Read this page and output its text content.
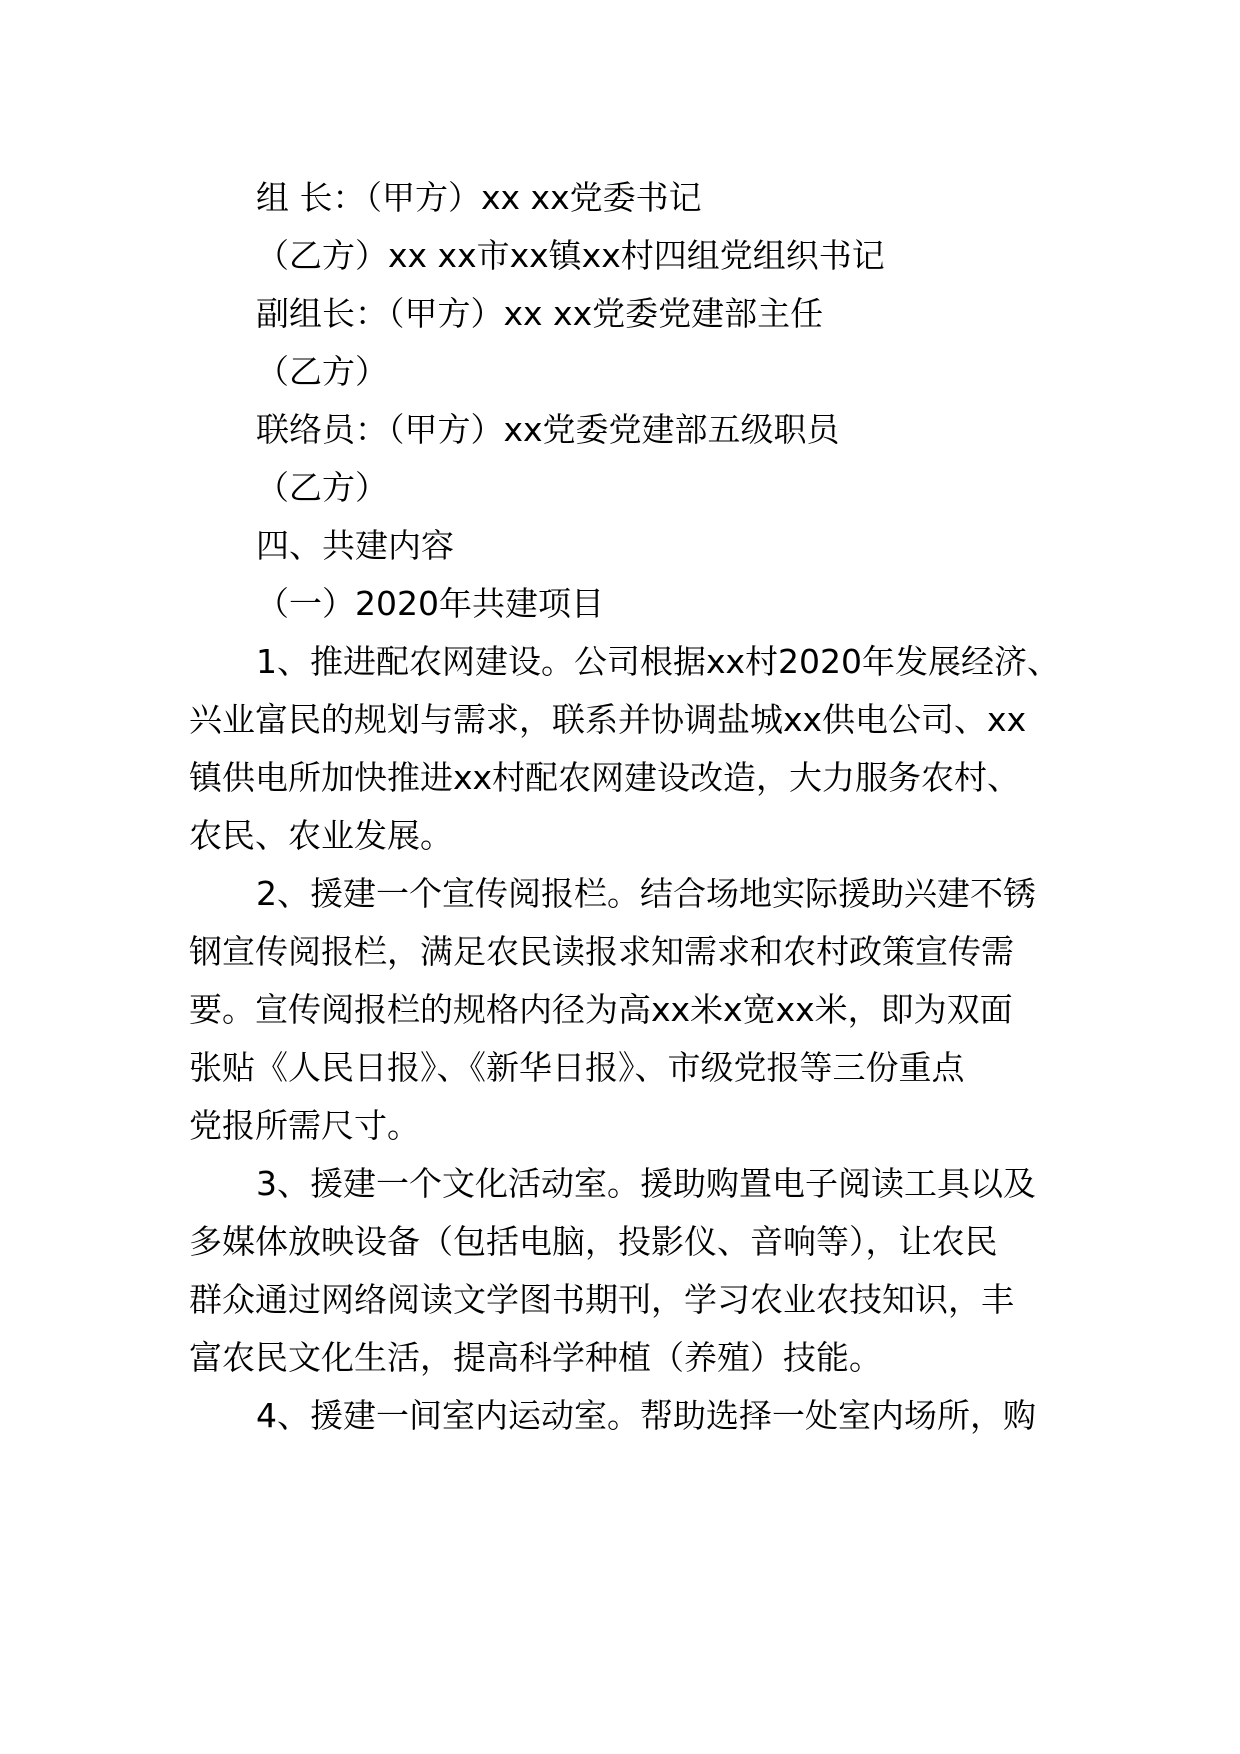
组 长：（甲方）xx xx党委书记
（乙方）xx xx市xx镇xx村四组党组织书记
副组长：（甲方）xx xx党委党建部主任
（乙方）
联络员：（甲方）xx党委党建部五级职员
（乙方）
四、共建内容
（一）2020年共建项目
1、推进配农网建设。公司根据xx村2020年发展经济、
兴业富民的规划与需求，联系并协调盐城xx供电公司、xx
镇供电所加快推进xx村配农网建设改造，大力服务农村、
农民、农业发展。
2、援建一个宣传阅报栏。结合场地实际援助兴建不锈
钢宣传阅报栏，满足农民读报求知需求和农村政策宣传需
要。宣传阅报栏的规格内径为高xx米x宽xx米，即为双面
张贴《人民日报》、《新华日报》、市级党报等三份重点
党报所需尺寸。
3、援建一个文化活动室。援助购置电子阅读工具以及
多媒体放映设备（包括电脑，投影仪、音响等），让农民
群众通过网络阅读文学图书期刊，学习农业农技知识，丰
富农民文化生活，提高科学种植（养殖）技能。
4、援建一间室内运动室。帮助选择一处室内场所，购
